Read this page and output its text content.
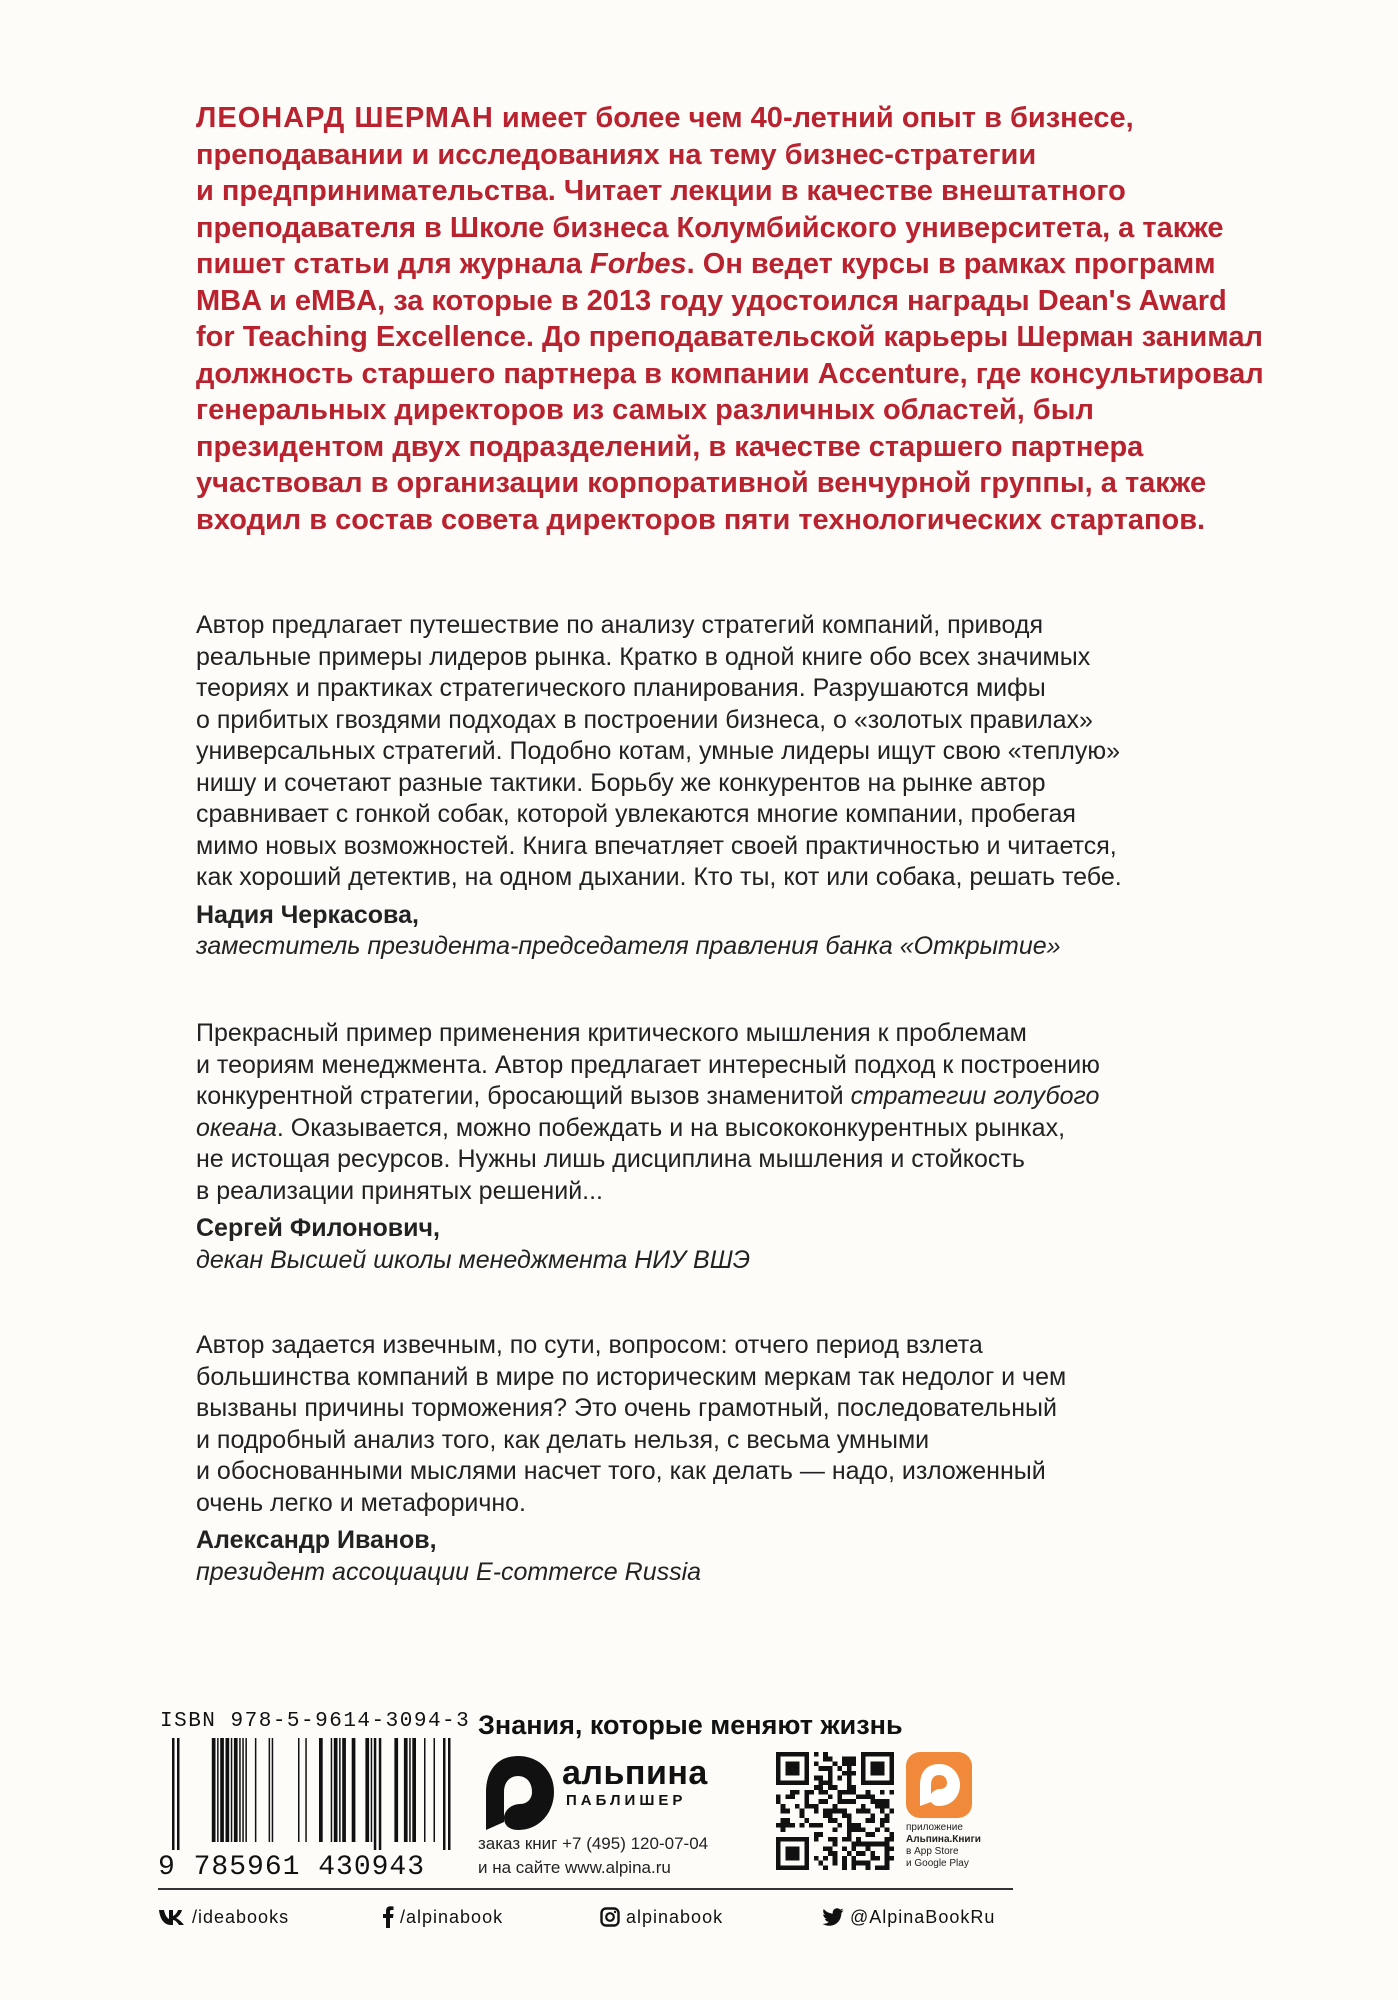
ЛЕОНАРД ШЕРМАН имеет более чем 40-летний опыт в бизнесе,
преподавании и исследованиях на тему бизнес-стратегии
и предпринимательства. Читает лекции в качестве внештатного
преподавателя в Школе бизнеса Колумбийского университета, а также
пишет статьи для журнала Forbes. Он ведет курсы в рамках программ
MBA и eMBA, за которые в 2013 году удостоился награды Dean's Award
for Teaching Excellence. До преподавательской карьеры Шерман занимал
должность старшего партнера в компании Accenture, где консультировал
генеральных директоров из самых различных областей, был
президентом двух подразделений, в качестве старшего партнера
участвовал в организации корпоративной венчурной группы, а также
входил в состав совета директоров пяти технологических стартапов.

Автор предлагает путешествие по анализу стратегий компаний, приводя
реальные примеры лидеров рынка. Кратко в одной книге обо всех значимых
теориях и практиках стратегического планирования. Разрушаются мифы
о прибитых гвоздями подходах в построении бизнеса, о «золотых правилах»
универсальных стратегий. Подобно котам, умные лидеры ищут свою «теплую»
нишу и сочетают разные тактики. Борьбу же конкурентов на рынке автор
сравнивает с гонкой собак, которой увлекаются многие компании, пробегая
мимо новых возможностей. Книга впечатляет своей практичностью и читается,
как хороший детектив, на одном дыхании. Кто ты, кот или собака, решать тебе.

Надия Черкасова,
заместитель президента-председателя правления банка «Открытие»

Прекрасный пример применения критического мышления к проблемам
и теориям менеджмента. Автор предлагает интересный подход к построению
конкурентной стратегии, бросающий вызов знаменитой стратегии голубого
океана. Оказывается, можно побеждать и на высококонкурентных рынках,
не истощая ресурсов. Нужны лишь дисциплина мышления и стойкость
в реализации принятых решений...

Сергей Филонович,
декан Высшей школы менеджмента НИУ ВШЭ

Автор задается извечным, по сути, вопросом: отчего период взлета
большинства компаний в мире по историческим меркам так недолог и чем
вызваны причины торможения? Это очень грамотный, последовательный
и подробный анализ того, как делать нельзя, с весьма умными
и обоснованными мыслями насчет того, как делать — надо, изложенный
очень легко и метафорично.

Александр Иванов,
президент ассоциации E-commerce Russia
ISBN 978-5-9614-3094-3
9 785961 430943
Знания, которые меняют жизнь
альпина
ПАБЛИШЕР
заказ книг +7 (495) 120-07-04
и на сайте www.alpina.ru
приложение
Альпина.Книги
в App Store
и Google Play
/ideabooks	/alpinabook	alpinabook	@AlpinaBookRu
